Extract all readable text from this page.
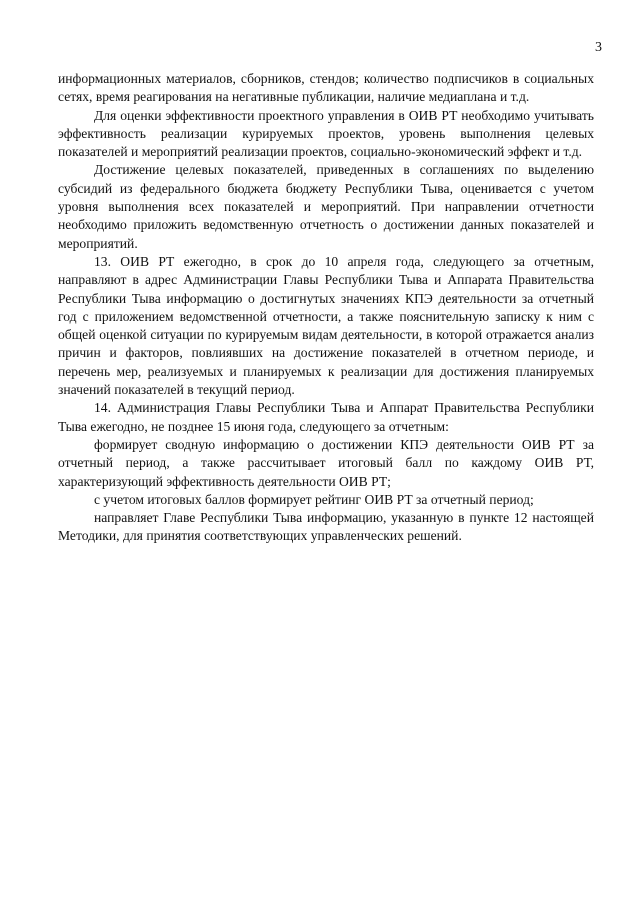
3

информационных материалов, сборников, стендов; количество подписчиков в социальных сетях, время реагирования на негативные публикации, наличие медиаплана и т.д.

Для оценки эффективности проектного управления в ОИВ РТ необходимо учитывать эффективность реализации курируемых проектов, уровень выполнения целевых показателей и мероприятий реализации проектов, социально-экономический эффект и т.д.

Достижение целевых показателей, приведенных в соглашениях по выделению субсидий из федерального бюджета бюджету Республики Тыва, оценивается с учетом уровня выполнения всех показателей и мероприятий. При направлении отчетности необходимо приложить ведомственную отчетность о достижении данных показателей и мероприятий.

13. ОИВ РТ ежегодно, в срок до 10 апреля года, следующего за отчетным, направляют в адрес Администрации Главы Республики Тыва и Аппарата Правительства Республики Тыва информацию о достигнутых значениях КПЭ деятельности за отчетный год с приложением ведомственной отчетности, а также пояснительную записку к ним с общей оценкой ситуации по курируемым видам деятельности, в которой отражается анализ причин и факторов, повлиявших на достижение показателей в отчетном периоде, и перечень мер, реализуемых и планируемых к реализации для достижения планируемых значений показателей в текущий период.

14. Администрация Главы Республики Тыва и Аппарат Правительства Республики Тыва ежегодно, не позднее 15 июня года, следующего за отчетным:

формирует сводную информацию о достижении КПЭ деятельности ОИВ РТ за отчетный период, а также рассчитывает итоговый балл по каждому ОИВ РТ, характеризующий эффективность деятельности ОИВ РТ;

с учетом итоговых баллов формирует рейтинг ОИВ РТ за отчетный период;

направляет Главе Республики Тыва информацию, указанную в пункте 12 настоящей Методики, для принятия соответствующих управленческих решений.
